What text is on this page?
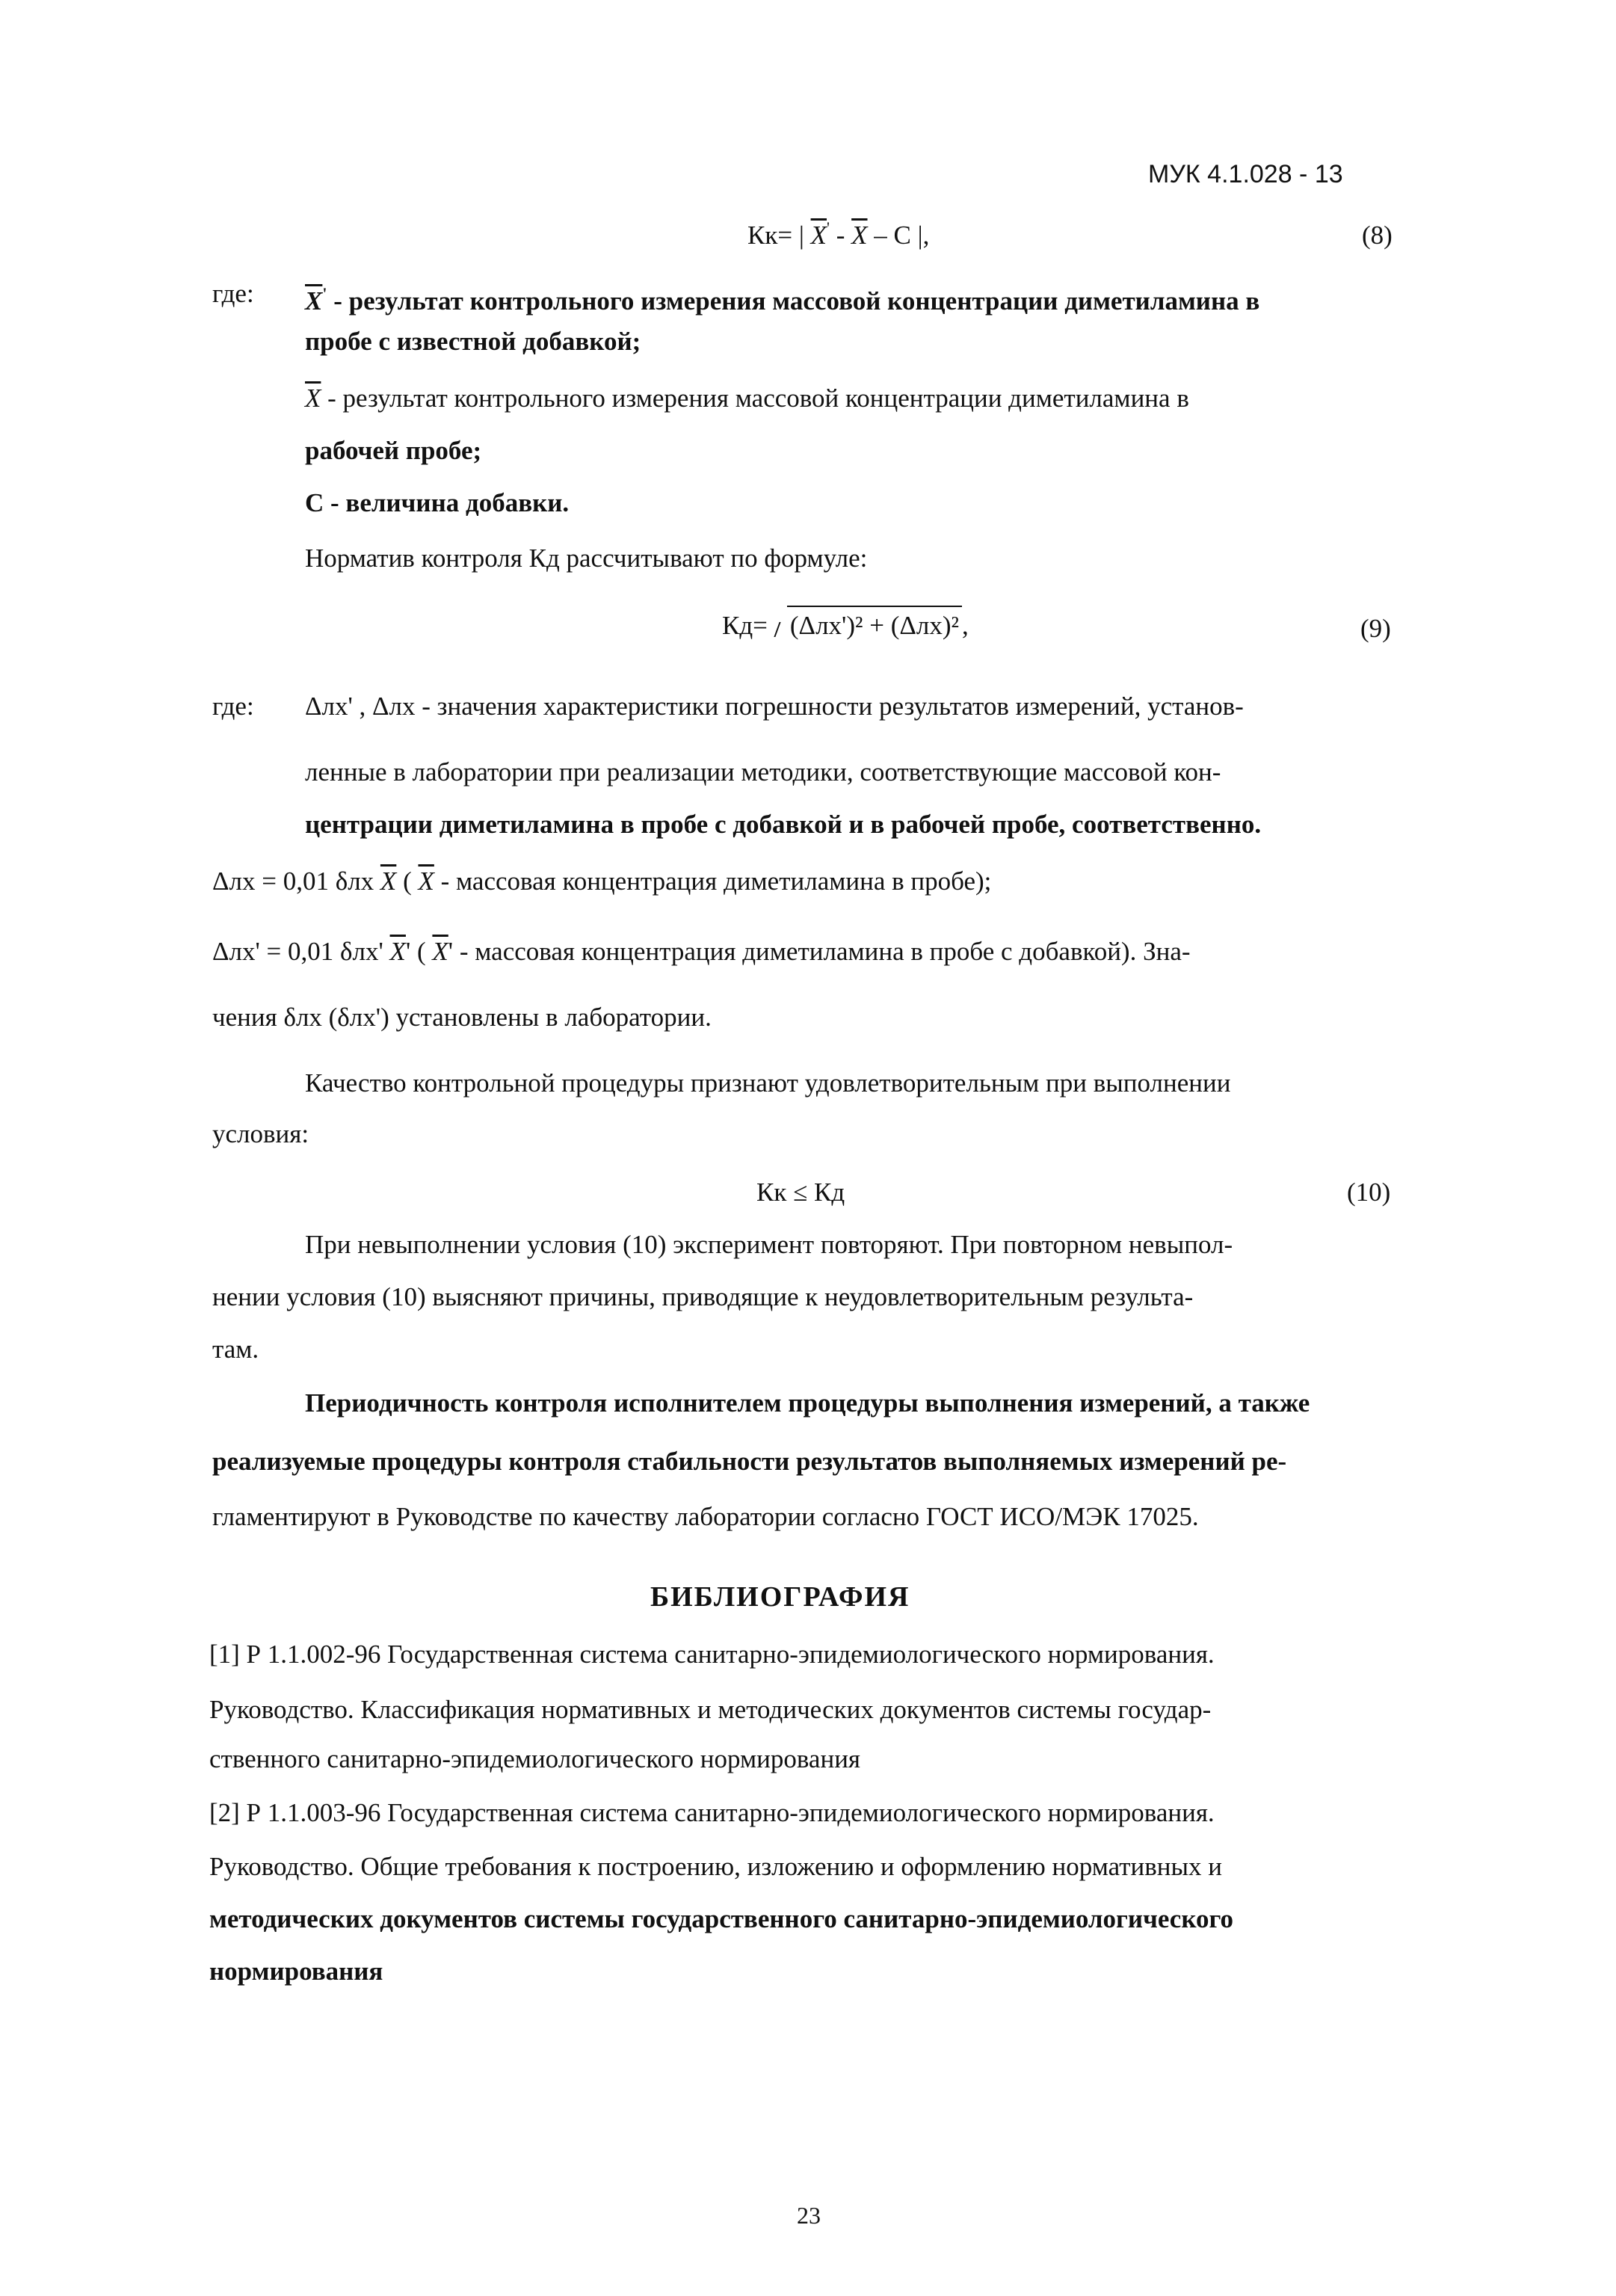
МУК 4.1.028 - 13
Кк= | $\overline{X}' - \overline{X}$ – С |,	(8)
где: $\overline{X}'$ - результат контрольного измерения массовой концентрации диметиламина в
пробе с известной добавкой;
$\overline{X}$ - результат контрольного измерения массовой концентрации диметиламина в
рабочей пробе;
С - величина добавки.
Норматив контроля Кд рассчитывают по формуле:
Кд= (Δлх')² + (Δлх)² ,	(9)
где: Δлх' , Δлх - значения характеристики погрешности результатов измерений, установ-
ленные в лаборатории при реализации методики, соответствующие массовой кон-
центрации диметиламина в пробе с добавкой и в рабочей пробе, соответственно.
Δлх = 0,01 δлх $\overline{X}$ ( $\overline{X}$ - массовая концентрация диметиламина в пробе);
Δлх' = 0,01 δлх' $\overline{X}'$ ( $\overline{X}'$ - массовая концентрация диметиламина в пробе с добавкой). Зна-
чения δлх (δлх') установлены в лаборатории.
Качество контрольной процедуры признают удовлетворительным при выполнении
условия:
Кк ≤ Кд	(10)
При невыполнении условия (10) эксперимент повторяют. При повторном невыпол-
нении условия (10) выясняют причины, приводящие к неудовлетворительным результа-
там.
Периодичность контроля исполнителем процедуры выполнения измерений, а также
реализуемые процедуры контроля стабильности результатов выполняемых измерений ре-
гламентируют в Руководстве по качеству лаборатории согласно ГОСТ ИСО/МЭК 17025.
БИБЛИОГРАФИЯ
[1] Р 1.1.002-96 Государственная система санитарно-эпидемиологического нормирования.
Руководство. Классификация нормативных и методических документов системы государ-
ственного санитарно-эпидемиологического нормирования
[2] Р 1.1.003-96 Государственная система санитарно-эпидемиологического нормирования.
Руководство. Общие требования к построению, изложению и оформлению нормативных и
методических документов системы государственного санитарно-эпидемиологического
нормирования
23
